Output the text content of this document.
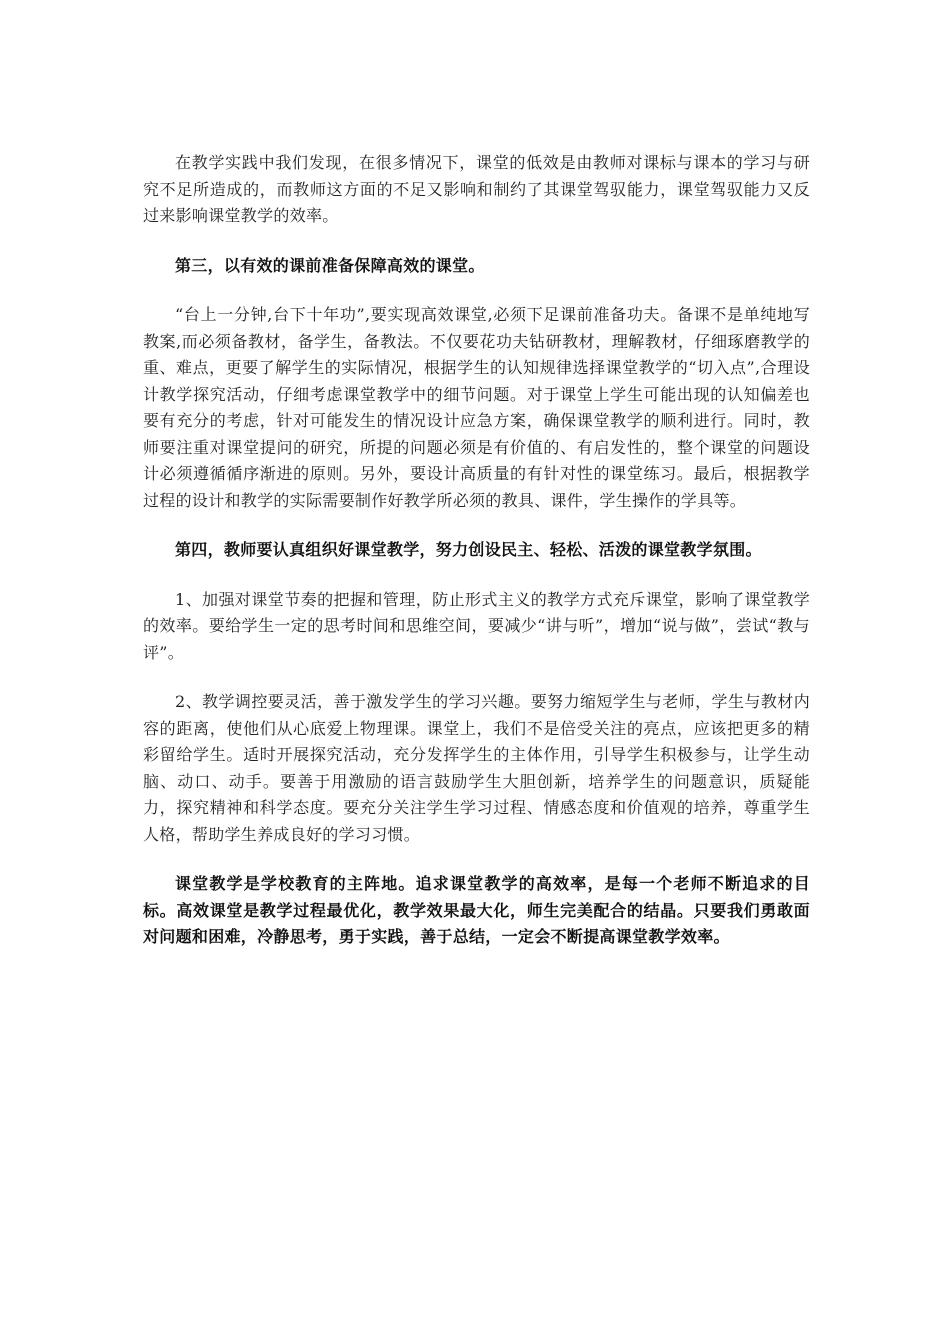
在教学实践中我们发现，在很多情况下，课堂的低效是由教师对课标与课本的学习与研究不足所造成的，而教师这方面的不足又影响和制约了其课堂驾驭能力，课堂驾驭能力又反过来影响课堂教学的效率。

第三，以有效的课前准备保障高效的课堂。

“台上一分钟,台下十年功”,要实现高效课堂,必须下足课前准备功夫。备课不是单纯地写教案,而必须备教材，备学生，备教法。不仅要花功夫钻研教材，理解教材，仔细琢磨教学的重、难点，更要了解学生的实际情况，根据学生的认知规律选择课堂教学的“切入点”,合理设计教学探究活动，仔细考虑课堂教学中的细节问题。对于课堂上学生可能出现的认知偏差也要有充分的考虑，针对可能发生的情况设计应急方案，确保课堂教学的顺利进行。同时，教师要注重对课堂提问的研究，所提的问题必须是有价值的、有启发性的，整个课堂的问题设计必须遵循循序渐进的原则。另外，要设计高质量的有针对性的课堂练习。最后，根据教学过程的设计和教学的实际需要制作好教学所必须的教具、课件，学生操作的学具等。

第四，教师要认真组织好课堂教学，努力创设民主、轻松、活泼的课堂教学氛围。

1、加强对课堂节奏的把握和管理，防止形式主义的教学方式充斥课堂，影响了课堂教学的效率。要给学生一定的思考时间和思维空间，要减少“讲与听”，增加“说与做”，尝试“教与评”。

2、教学调控要灵活，善于激发学生的学习兴趣。要努力缩短学生与老师，学生与教材内容的距离，使他们从心底爱上物理课。课堂上，我们不是倍受关注的亮点，应该把更多的精彩留给学生。适时开展探究活动，充分发挥学生的主体作用，引导学生积极参与，让学生动脑、动口、动手。要善于用激励的语言鼓励学生大胆创新，培养学生的问题意识，质疑能力，探究精神和科学态度。要充分关注学生学习过程、情感态度和价值观的培养，尊重学生人格，帮助学生养成良好的学习习惯。

课堂教学是学校教育的主阵地。追求课堂教学的高效率，是每一个老师不断追求的目标。高效课堂是教学过程最优化，教学效果最大化，师生完美配合的结晶。只要我们勇敢面对问题和困难，冷静思考，勇于实践，善于总结，一定会不断提高课堂教学效率。
